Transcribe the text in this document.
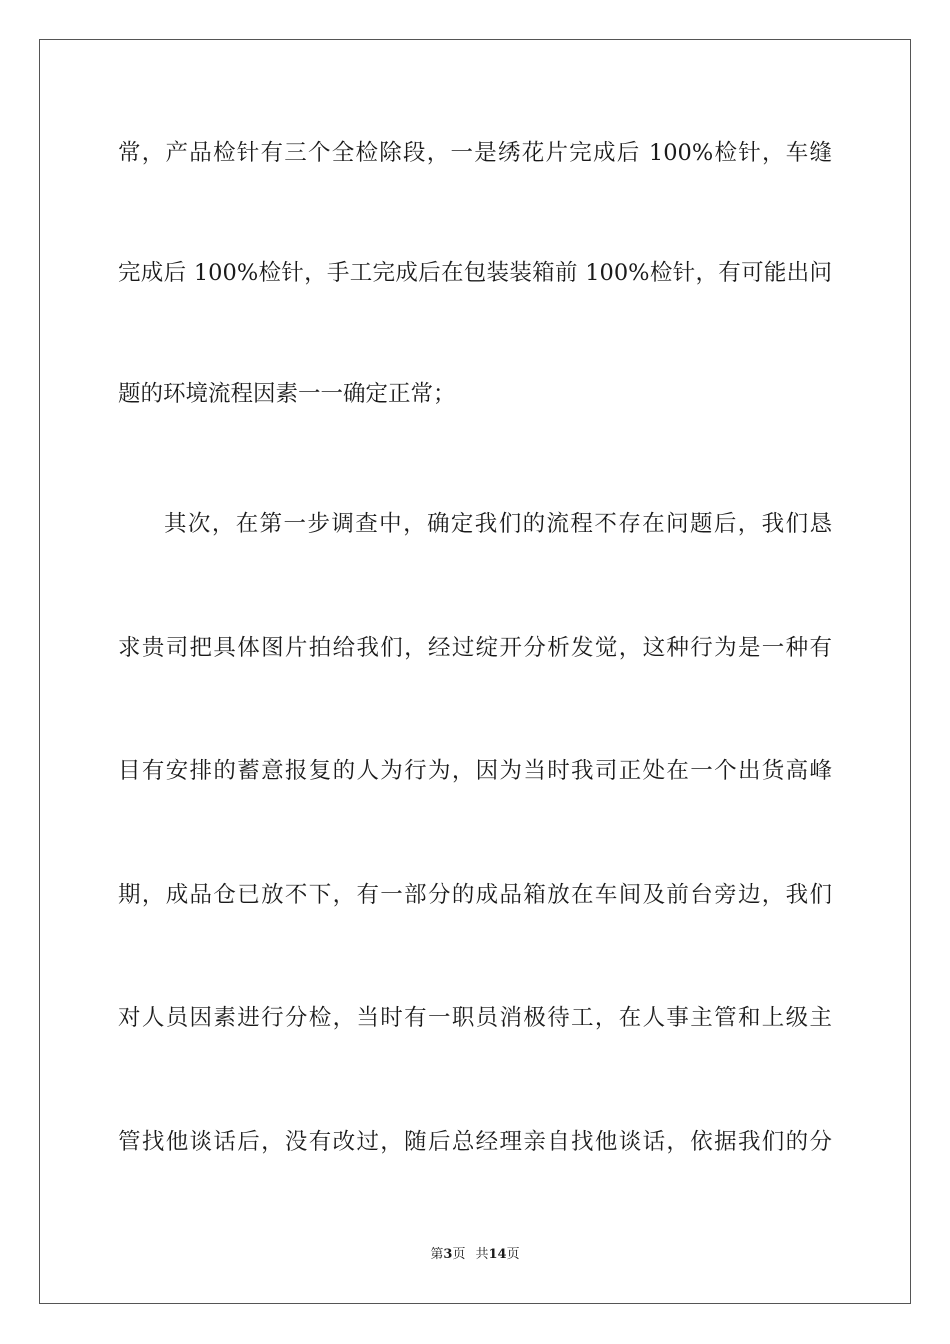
常，产品检针有三个全检除段，一是绣花片完成后 100%检针，车缝
完成后 100%检针，手工完成后在包装装箱前 100%检针，有可能出问
题的环境流程因素一一确定正常；
其次，在第一步调查中，确定我们的流程不存在问题后，我们恳
求贵司把具体图片拍给我们，经过绽开分析发觉，这种行为是一种有
目有安排的蓄意报复的人为行为，因为当时我司正处在一个出货高峰
期，成品仓已放不下，有一部分的成品箱放在车间及前台旁边，我们
对人员因素进行分检，当时有一职员消极待工，在人事主管和上级主
管找他谈话后，没有改过，随后总经理亲自找他谈话，依据我们的分
第3页 共14页
